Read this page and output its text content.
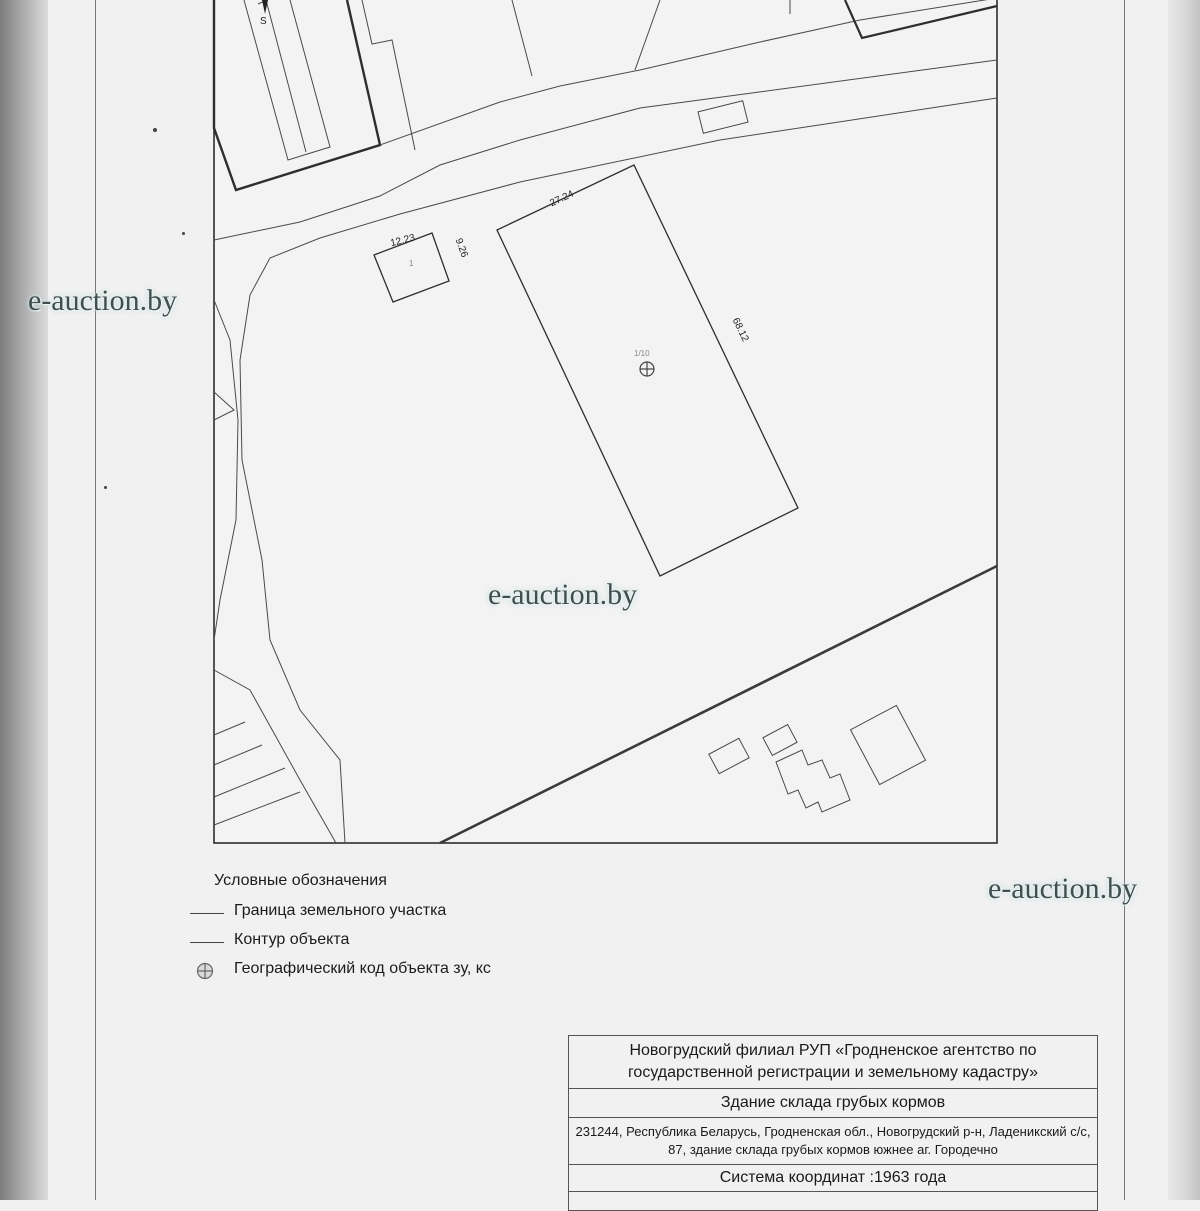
S
12.23	9.26
27.24
68.12
1
1/10
e-auction.by
e-auction.by
e-auction.by
Условные обозначения
Граница земельного участка
Контур объекта
Географический код объекта зу, кс
Новогрудский филиал РУП «Гродненское агентство по государственной регистрации и земельному кадастру»
Здание склада грубых кормов
231244, Республика Беларусь, Гродненская обл., Новогрудский р-н, Ладеникский с/с, 87, здание склада грубых кормов южнее аг. Городечно
Система координат :1963 года
